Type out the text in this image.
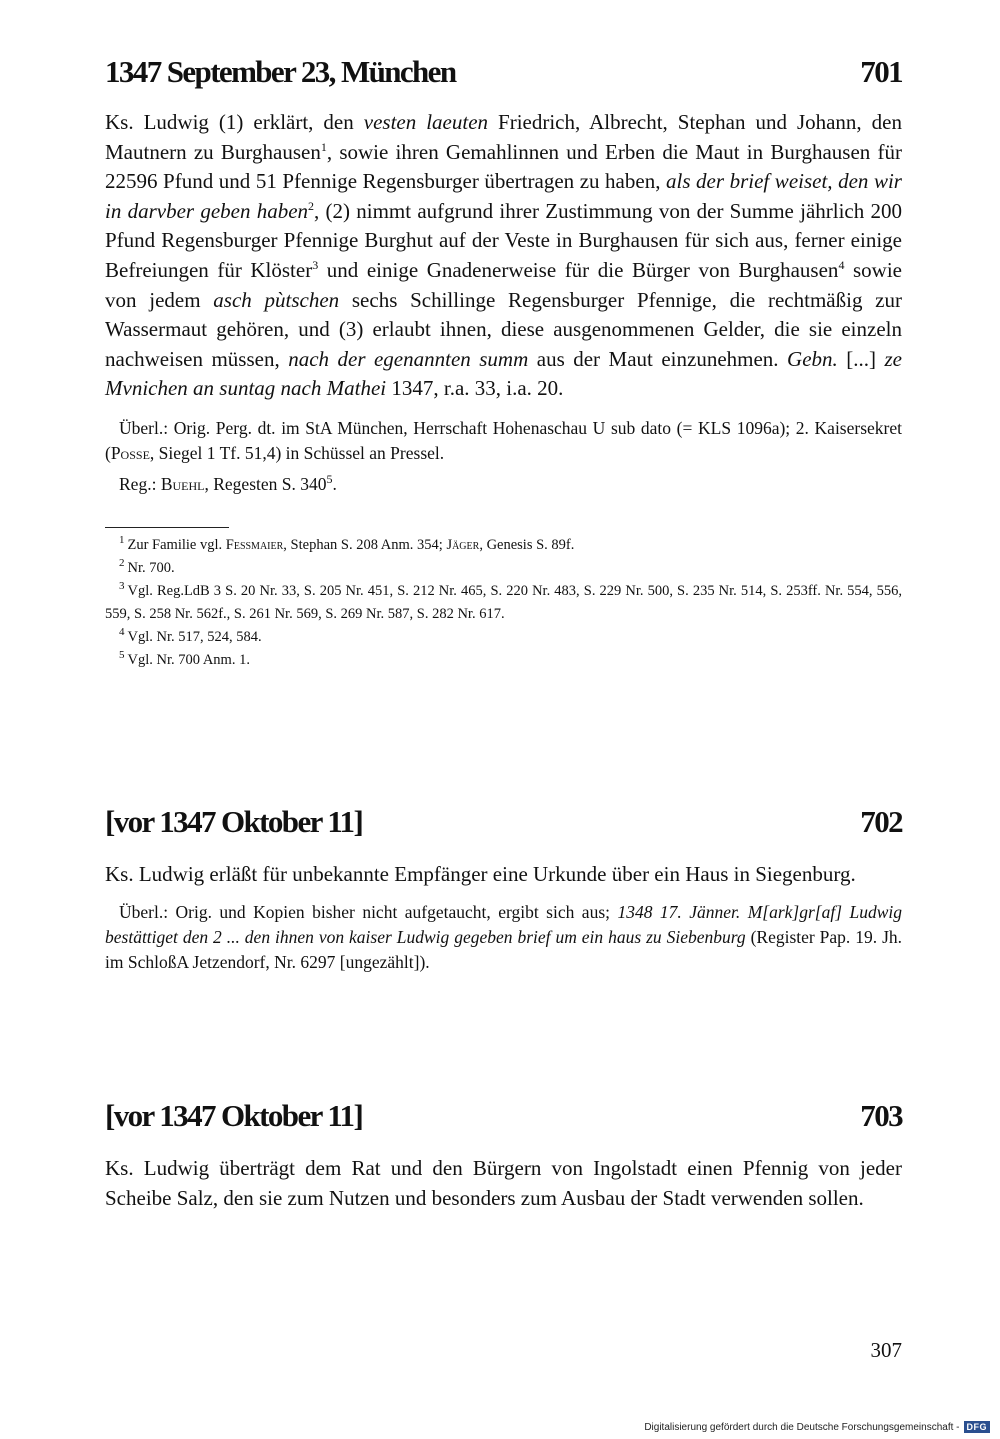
1347 September 23, München	701

Ks. Ludwig (1) erklärt, den vesten laeuten Friedrich, Albrecht, Stephan und Johann, den Mautnern zu Burghausen$^1$, sowie ihren Gemahlinnen und Erben die Maut in Burghausen für 22596 Pfund und 51 Pfennige Regensburger übertragen zu haben, als der brief weiset, den wir in darvber geben haben$^2$, (2) nimmt aufgrund ihrer Zustimmung von der Summe jährlich 200 Pfund Regensburger Pfennige Burghut auf der Veste in Burghausen für sich aus, ferner einige Befreiungen für Klöster$^3$ und einige Gnadenerweise für die Bürger von Burghausen$^4$ sowie von jedem asch pùtschen sechs Schillinge Regensburger Pfennige, die rechtmäßig zur Wassermaut gehören, und (3) erlaubt ihnen, diese ausgenommenen Gelder, die sie einzeln nachweisen müssen, nach der egenannten summ aus der Maut einzunehmen. Gebn. [...] ze Mvnichen an suntag nach Mathei 1347, r.a. 33, i.a. 20.

Überl.: Orig. Perg. dt. im StA München, Herrschaft Hohenaschau U sub dato (= KLS 1096a); 2. Kaisersekret (Posse, Siegel 1 Tf. 51,4) in Schüssel an Pressel.

Reg.: Buehl, Regesten S. $340^5$.

$^1$ Zur Familie vgl. Fessmaier, Stephan S. 208 Anm. 354; Jäger, Genesis S. 89f.

$^2$ Nr. 700.

$^3$ Vgl. Reg.LdB 3 S. 20 Nr. 33, S. 205 Nr. 451, S. 212 Nr. 465, S. 220 Nr. 483, S. 229 Nr. 500, S. 235 Nr. 514, S. 253ff. Nr. 554, 556, 559, S. 258 Nr. 562f., S. 261 Nr. 569, S. 269 Nr. 587, S. 282 Nr. 617.

$^4$ Vgl. Nr. 517, 524, 584.

$^5$ Vgl. Nr. 700 Anm. 1.

[vor 1347 Oktober 11]	702

Ks. Ludwig erläßt für unbekannte Empfänger eine Urkunde über ein Haus in Siegenburg.

Überl.: Orig. und Kopien bisher nicht aufgetaucht, ergibt sich aus; 1348 17. Jänner. M[ark]gr[af] Ludwig bestättiget den 2 ... den ihnen von kaiser Ludwig gegeben brief um ein haus zu Siebenburg (Register Pap. 19. Jh. im SchloßA Jetzendorf, Nr. 6297 [ungezählt]).

[vor 1347 Oktober 11]	703

Ks. Ludwig überträgt dem Rat und den Bürgern von Ingolstadt einen Pfennig von jeder Scheibe Salz, den sie zum Nutzen und besonders zum Ausbau der Stadt verwenden sollen.

307
Digitalisierung gefördert durch die Deutsche Forschungsgemeinschaft - DFG
